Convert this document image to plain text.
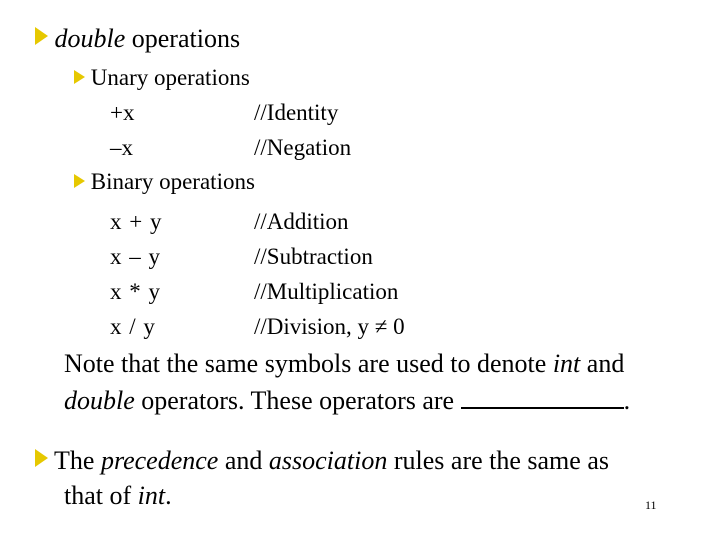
double operations
Unary operations
+x	//Identity
–x	//Negation
Binary operations
x + y	//Addition
x – y	//Subtraction
x * y	//Multiplication
x / y	//Division, y ≠ 0
Note that the same symbols are used to denote int and
double operators. These operators are	.
The precedence and association rules are the same as
that of int.	11
